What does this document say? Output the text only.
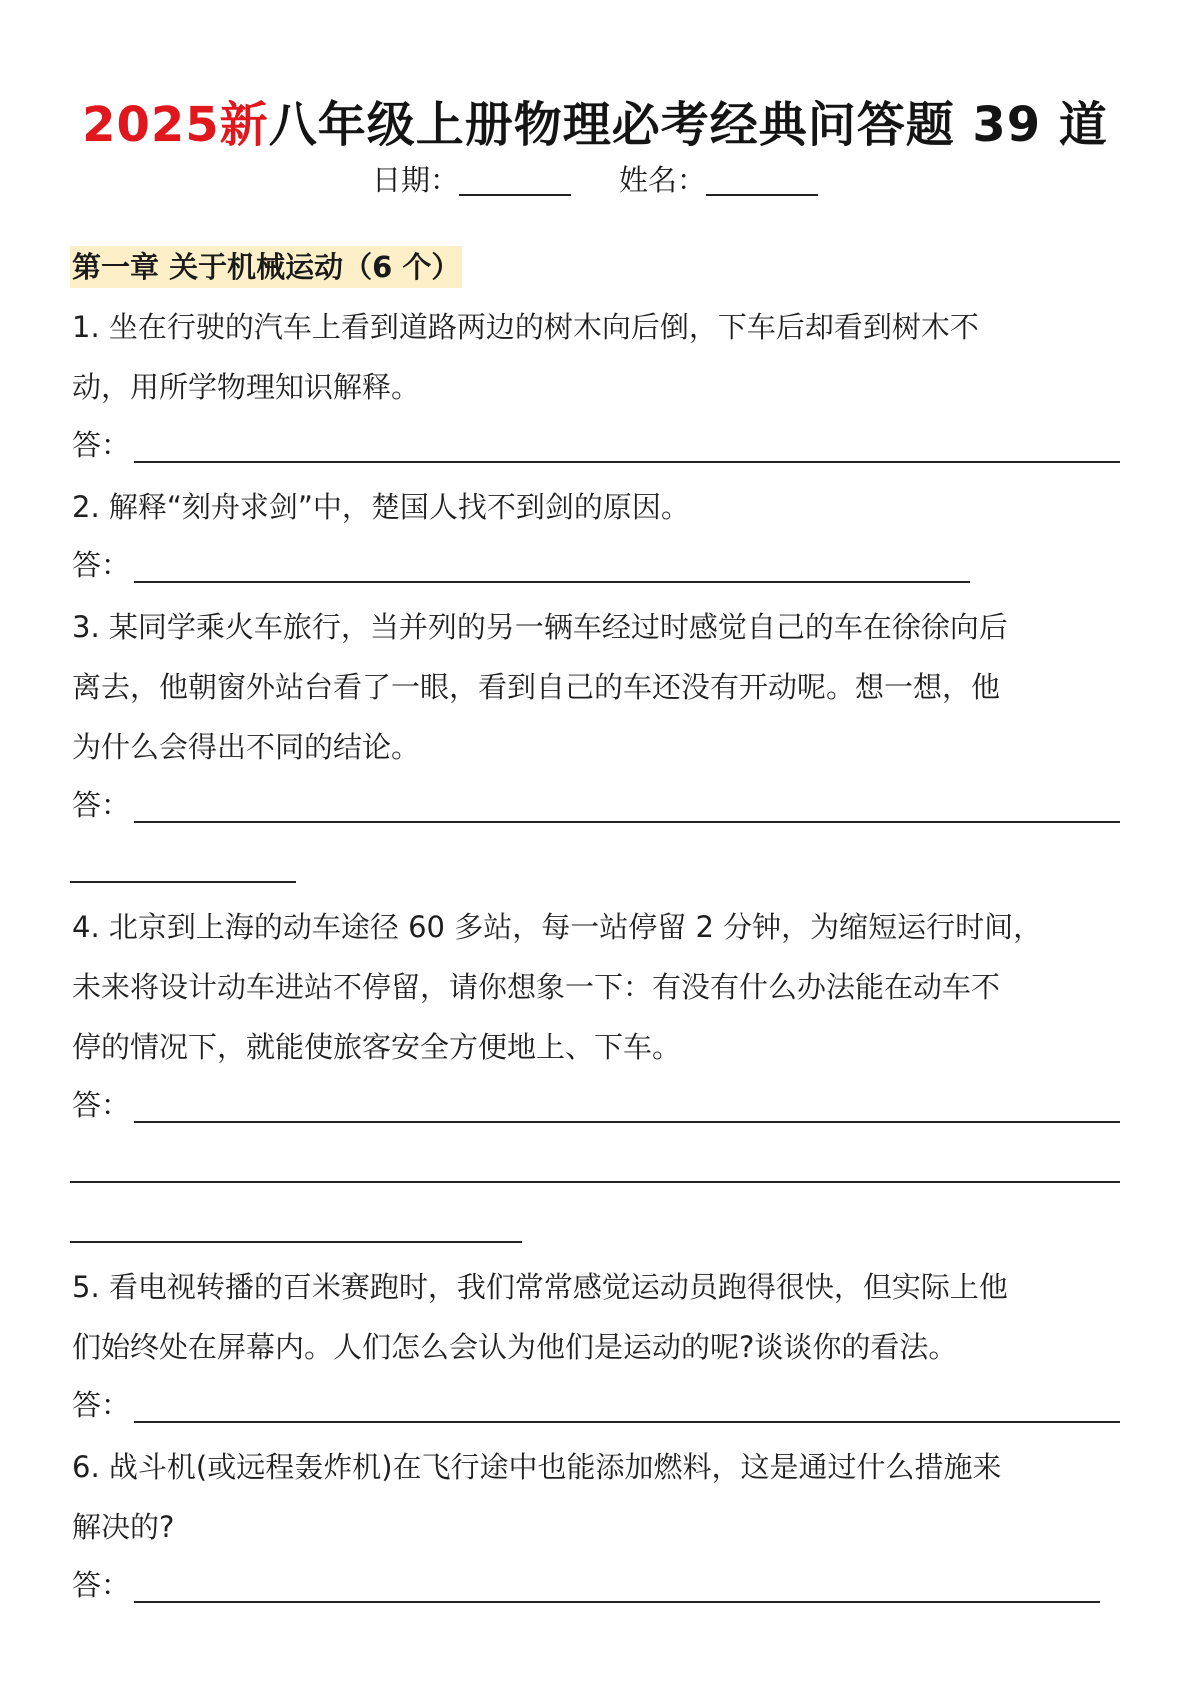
2025新八年级上册物理必考经典问答题 39 道
日期：	姓名：
第一章 关于机械运动（6 个）
1. 坐在行驶的汽车上看到道路两边的树木向后倒，下车后却看到树木不
动，用所学物理知识解释。
答：
2. 解释“刻舟求剑”中，楚国人找不到剑的原因。
答：
3. 某同学乘火车旅行，当并列的另一辆车经过时感觉自己的车在徐徐向后
离去，他朝窗外站台看了一眼，看到自己的车还没有开动呢。想一想，他
为什么会得出不同的结论。
答：
4. 北京到上海的动车途径 60 多站，每一站停留 2 分钟，为缩短运行时间，
未来将设计动车进站不停留，请你想象一下：有没有什么办法能在动车不
停的情况下，就能使旅客安全方便地上、下车。
答：
5. 看电视转播的百米赛跑时，我们常常感觉运动员跑得很快，但实际上他
们始终处在屏幕内。人们怎么会认为他们是运动的呢?谈谈你的看法。
答：
6. 战斗机(或远程轰炸机)在飞行途中也能添加燃料，这是通过什么措施来
解决的?
答：
